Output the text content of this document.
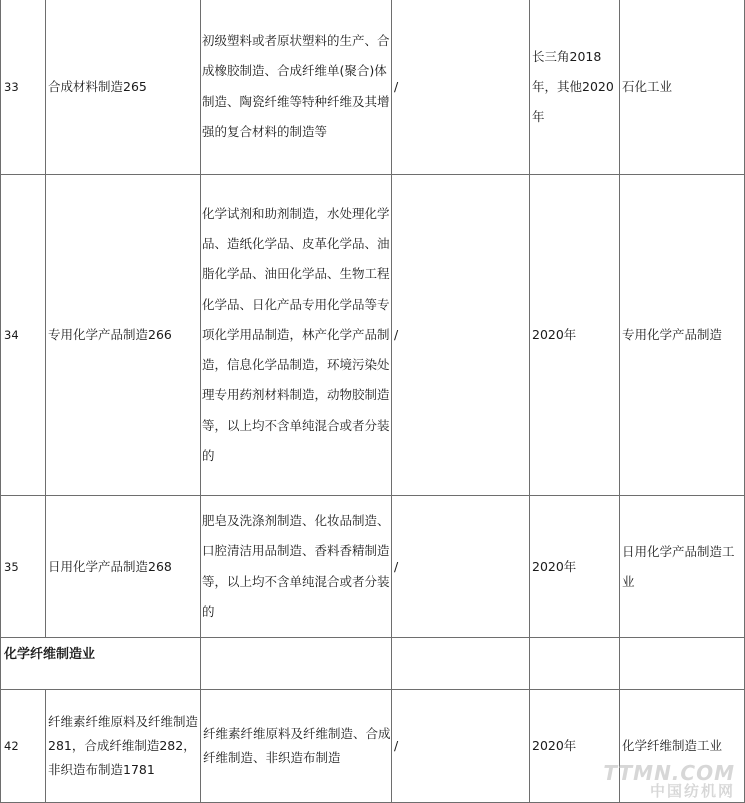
33	合成材料制造265	初级塑料或者原状塑料的生产、合成橡胶制造、合成纤维单(聚合)体制造、陶瓷纤维等特种纤维及其增强的复合材料的制造等	/	长三角2018年，其他2020年	石化工业
34	专用化学产品制造266	化学试剂和助剂制造，水处理化学品、造纸化学品、皮革化学品、油脂化学品、油田化学品、生物工程化学品、日化产品专用化学品等专项化学用品制造，林产化学产品制造，信息化学品制造，环境污染处理专用药剂材料制造，动物胶制造等，以上均不含单纯混合或者分装的	/	2020年	专用化学产品制造
35	日用化学产品制造268	肥皂及洗涤剂制造、化妆品制造、口腔清洁用品制造、香料香精制造等，以上均不含单纯混合或者分装的	/	2020年	日用化学产品制造工业
化学纤维制造业					
42	纤维素纤维原料及纤维制造281，合成纤维制造282，非织造布制造1781	纤维素纤维原料及纤维制造、合成纤维制造、非织造布制造	/	2020年	化学纤维制造工业
TTMN.COM
中国纺机网
